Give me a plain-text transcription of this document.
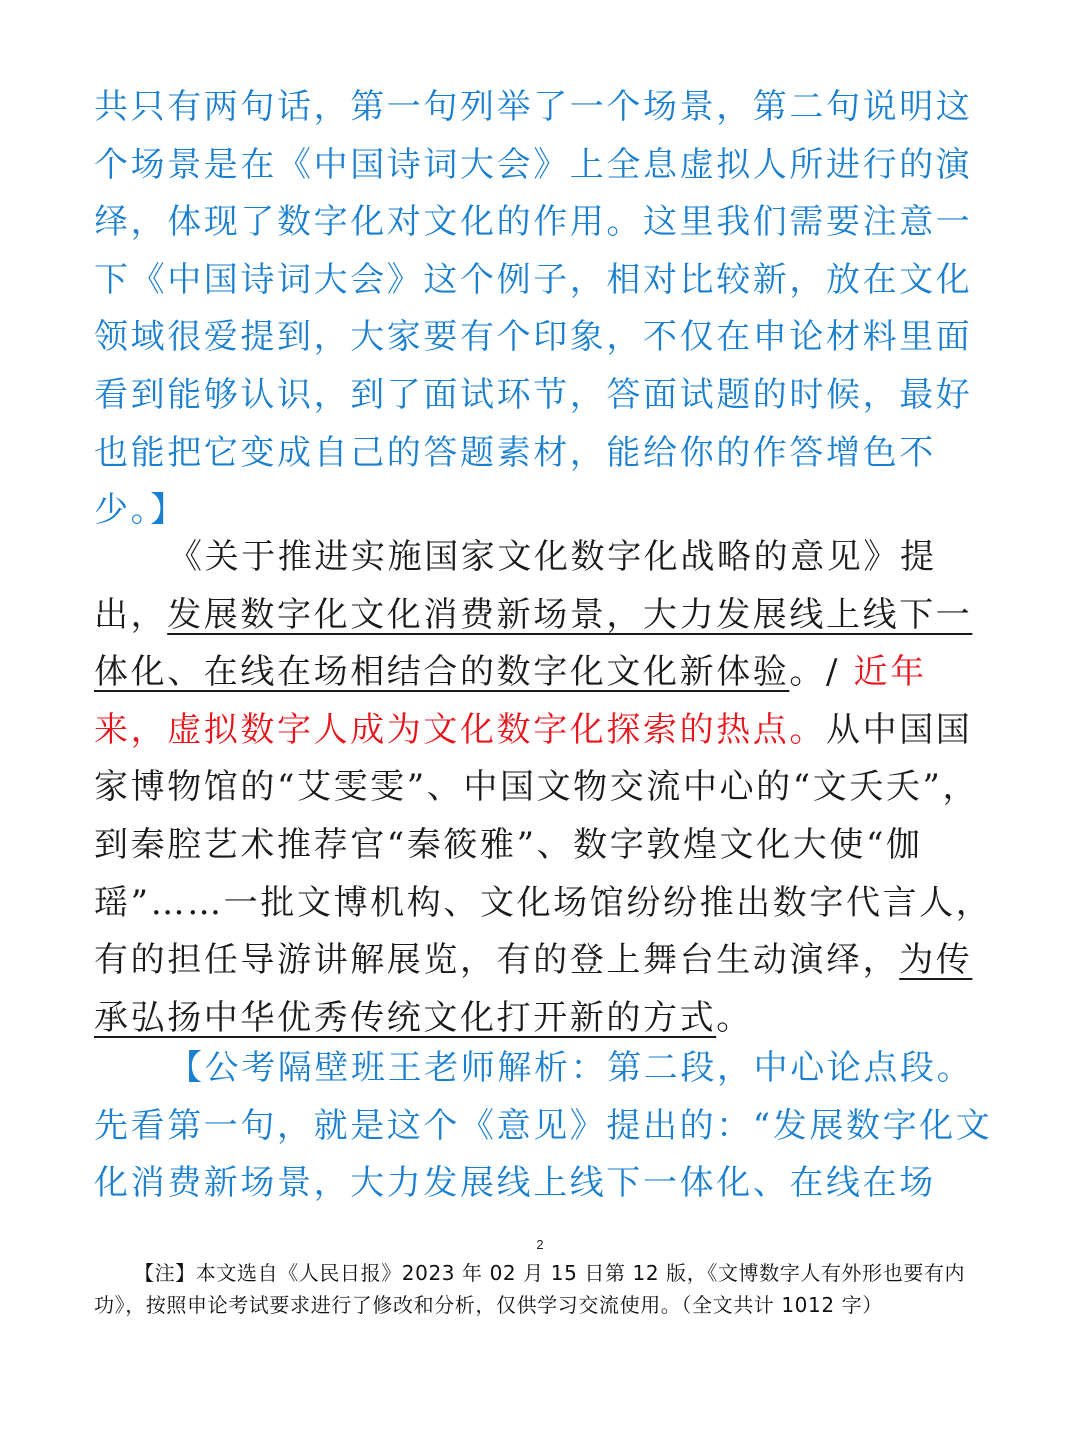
共只有两句话，第一句列举了一个场景，第二句说明这个场景是在《中国诗词大会》上全息虚拟人所进行的演绎，体现了数字化对文化的作用。这里我们需要注意一下《中国诗词大会》这个例子，相对比较新，放在文化领域很爱提到，大家要有个印象，不仅在申论材料里面看到能够认识，到了面试环节，答面试题的时候，最好也能把它变成自己的答题素材，能给你的作答增色不少。】

《关于推进实施国家文化数字化战略的意见》提出，发展数字化文化消费新场景，大力发展线上线下一体化、在线在场相结合的数字化文化新体验。/ 近年来，虚拟数字人成为文化数字化探索的热点。从中国国家博物馆的“艾雯雯”、中国文物交流中心的“文夭夭”，到秦腔艺术推荐官“秦筱雅”、数字敦煌文化大使“伽瑶”……一批文博机构、文化场馆纷纷推出数字代言人，有的担任导游讲解展览，有的登上舞台生动演绎，为传承弘扬中华优秀传统文化打开新的方式。

【公考隔壁班王老师解析：第二段，中心论点段。先看第一句，就是这个《意见》提出的：“发展数字化文化消费新场景，大力发展线上线下一体化、在线在场

2

【注】本文选自《人民日报》2023 年 02 月 15 日第 12 版，《文博数字人有外形也要有内功》，按照申论考试要求进行了修改和分析，仅供学习交流使用。（全文共计 1012 字）
